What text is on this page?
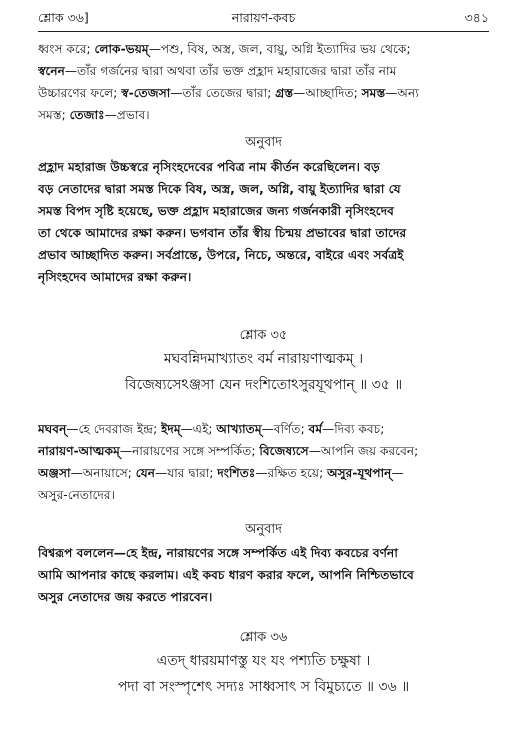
শ্লোক ৩৬]	নারায়ণ-কবচ	৩৪১
ধ্বংস করে; লোক-ভয়ম্—পশু, বিষ, অস্ত্র, জল, বায়ু, অগ্নি ইত্যাদির ভয় থেকে;
স্বনেন—তাঁর গর্জনের দ্বারা অথবা তাঁর ভক্ত প্রহ্লাদ মহারাজের দ্বারা তাঁর নাম
উচ্চারণের ফলে; স্ব-তেজসা—তাঁর তেজের দ্বারা; গ্রস্ত—আচ্ছাদিত; সমস্ত—অন্য
সমস্ত; তেজাঃ—প্রভাব।
অনুবাদ
প্রহ্লাদ মহারাজ উচ্চস্বরে নৃসিংহদেবের পবিত্র নাম কীর্তন করেছিলেন। বড়
বড় নেতাদের দ্বারা সমস্ত দিকে বিষ, অস্ত্র, জল, অগ্নি, বায়ু ইত্যাদির দ্বারা যে
সমস্ত বিপদ সৃষ্টি হয়েছে, ভক্ত প্রহ্লাদ মহারাজের জন্য গর্জনকারী নৃসিংহদেব
তা থেকে আমাদের রক্ষা করুন। ভগবান তাঁর স্বীয় চিন্ময় প্রভাবের দ্বারা তাদের
প্রভাব আচ্ছাদিত করুন। সর্বপ্রান্তে, উপরে, নিচে, অন্তরে, বাইরে এবং সর্বত্রই
নৃসিংহদেব আমাদের রক্ষা করুন।
শ্লোক ৩৫
মঘবন্নিদমাখ্যাতং বর্ম নারায়ণাত্মকম্ ।
বিজেষ্যসেঽঞ্জসা যেন দংশিতোঽসুরযূথপান্ ॥ ৩৫ ॥
মঘবন্—হে দেবরাজ ইন্দ্র; ইদম্—এই; আখ্যাতম্—বর্ণিত; বর্ম—দিব্য কবচ;
নারায়ণ-আত্মকম্—নারায়ণের সঙ্গে সম্পর্কিত; বিজেষ্যসে—আপনি জয় করবেন;
অঞ্জসা—অনায়াসে; যেন—যার দ্বারা; দংশিতঃ—রক্ষিত হয়ে; অসুর-যূথপান্—
অসুর-নেতাদের।
অনুবাদ
বিশ্বরূপ বললেন—হে ইন্দ্র, নারায়ণের সঙ্গে সম্পর্কিত এই দিব্য কবচের বর্ণনা
আমি আপনার কাছে করলাম। এই কবচ ধারণ করার ফলে, আপনি নিশ্চিতভাবে
অসুর নেতাদের জয় করতে পারবেন।
শ্লোক ৩৬
এতদ্ ধারয়মাণস্তু যং যং পশ্যতি চক্ষুষা ।
পদা বা সংস্পৃশেৎ সদ্যঃ সাধ্বসাৎ স বিমুচ্যতে ॥ ৩৬ ॥
